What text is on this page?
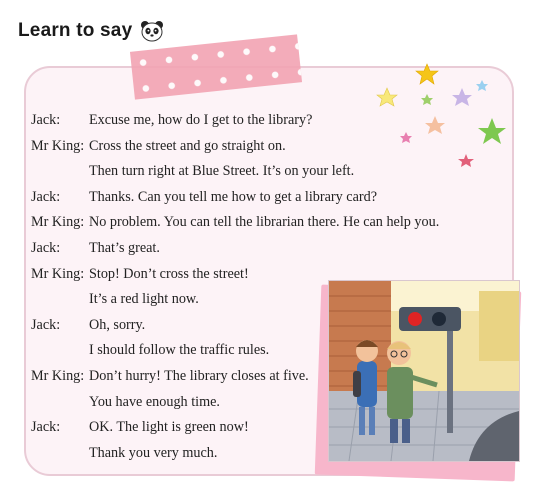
Learn to say
Jack:	Excuse me, how do I get to the library?
Mr King: Cross the street and go straight on.
Then turn right at Blue Street. It’s on your left.
Jack:	Thanks. Can you tell me how to get a library card?
Mr King: No problem. You can tell the librarian there. He can help you.
Jack:	That’s great.
Mr King: Stop! Don’t cross the street!
It’s a red light now.
Jack:	Oh, sorry.
I should follow the traffic rules.
Mr King: Don’t hurry! The library closes at five.
You have enough time.
Jack:	OK. The light is green now!
Thank you very much.
